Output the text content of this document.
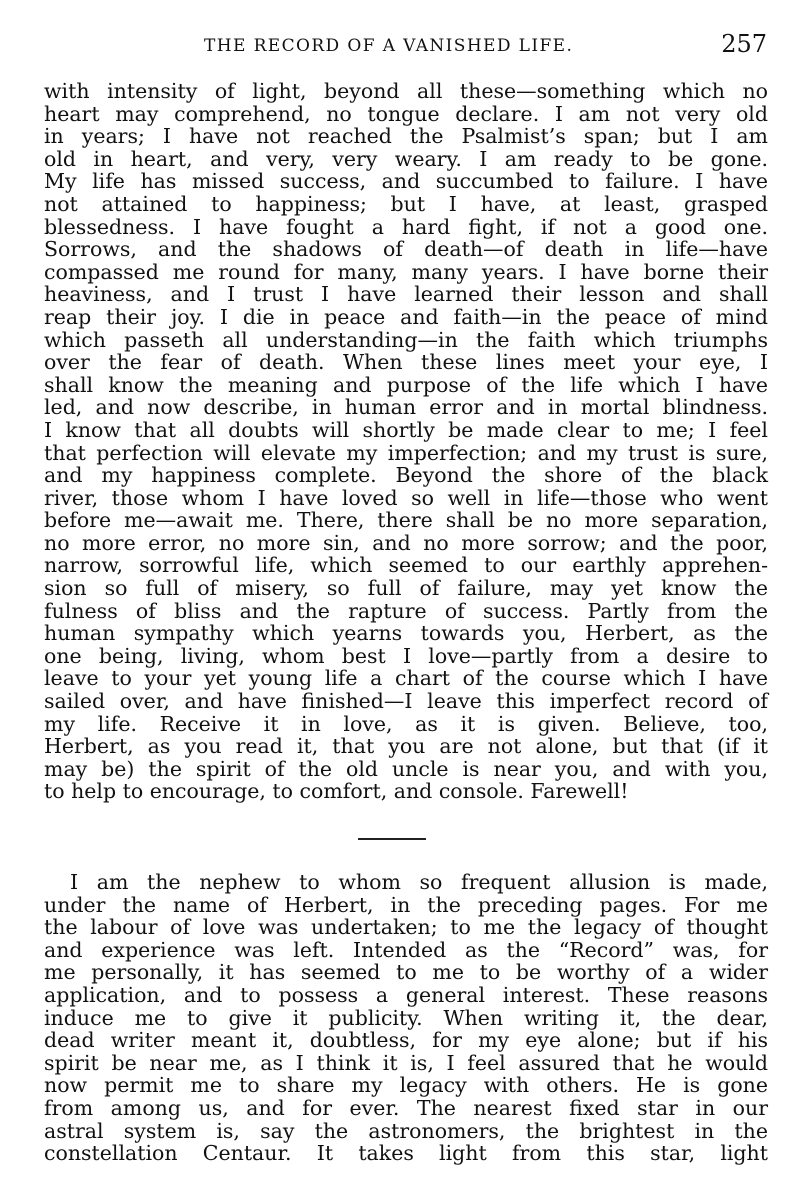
THE RECORD OF A VANISHED LIFE.	257
with intensity of light, beyond all these—something which no
heart may comprehend, no tongue declare. I am not very old
in years; I have not reached the Psalmist’s span; but I am
old in heart, and very, very weary. I am ready to be gone.
My life has missed success, and succumbed to failure. I have
not attained to happiness; but I have, at least, grasped
blessedness. I have fought a hard fight, if not a good one.
Sorrows, and the shadows of death—of death in life—have
compassed me round for many, many years. I have borne their
heaviness, and I trust I have learned their lesson and shall
reap their joy. I die in peace and faith—in the peace of mind
which passeth all understanding—in the faith which triumphs
over the fear of death. When these lines meet your eye, I
shall know the meaning and purpose of the life which I have
led, and now describe, in human error and in mortal blindness.
I know that all doubts will shortly be made clear to me; I feel
that perfection will elevate my imperfection; and my trust is sure,
and my happiness complete. Beyond the shore of the black
river, those whom I have loved so well in life—those who went
before me—await me. There, there shall be no more separation,
no more error, no more sin, and no more sorrow; and the poor,
narrow, sorrowful life, which seemed to our earthly apprehen-
sion so full of misery, so full of failure, may yet know the
fulness of bliss and the rapture of success. Partly from the
human sympathy which yearns towards you, Herbert, as the
one being, living, whom best I love—partly from a desire to
leave to your yet young life a chart of the course which I have
sailed over, and have finished—I leave this imperfect record of
my life. Receive it in love, as it is given. Believe, too,
Herbert, as you read it, that you are not alone, but that (if it
may be) the spirit of the old uncle is near you, and with you,
to help to encourage, to comfort, and console. Farewell!
I am the nephew to whom so frequent allusion is made,
under the name of Herbert, in the preceding pages. For me
the labour of love was undertaken; to me the legacy of thought
and experience was left. Intended as the “Record” was, for
me personally, it has seemed to me to be worthy of a wider
application, and to possess a general interest. These reasons
induce me to give it publicity. When writing it, the dear,
dead writer meant it, doubtless, for my eye alone; but if his
spirit be near me, as I think it is, I feel assured that he would
now permit me to share my legacy with others. He is gone
from among us, and for ever. The nearest fixed star in our
astral system is, say the astronomers, the brightest in the
constellation Centaur. It takes light from this star, light
